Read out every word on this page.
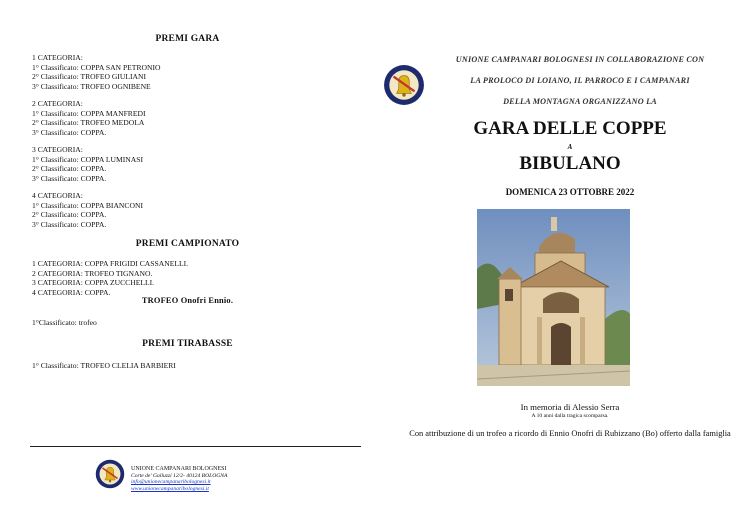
PREMI GARA
1 CATEGORIA:
1° Classificato: COPPA SAN PETRONIO
2° Classificato: TROFEO GIULIANI
3° Classificato: TROFEO OGNIBENE
2 CATEGORIA:
1° Classificato: COPPA MANFREDI
2° Classificato: TROFEO MEDOLA
3° Classificato: COPPA.
3 CATEGORIA:
1° Classificato: COPPA LUMINASI
2° Classificato: COPPA.
3° Classificato: COPPA.
4 CATEGORIA:
1° Classificato: COPPA BIANCONI
2° Classificato: COPPA.
3° Classificato: COPPA.
PREMI CAMPIONATO
1 CATEGORIA: COPPA FRIGIDI CASSANELLI.
2 CATEGORIA: TROFEO TIGNANO.
3 CATEGORIA: COPPA ZUCCHELLI.
4 CATEGORIA: COPPA.
TROFEO Onofri Ennio.
1°Classificato: trofeo
PREMI TIRABASSE
1° Classificato: TROFEO CLELIA BARBIERI
UNIONE CAMPANARI BOLOGNESI
Corte de' Galluzzi 12/2- 40124 BOLOGNA
info@unionecampanaribolognesi.it
www.unionecampanaribolognesi.it
UNIONE CAMPANARI BOLOGNESI IN COLLABORAZIONE CON
LA PROLOCO DI LOIANO, IL PARROCO E I CAMPANARI
DELLA MONTAGNA ORGANIZZANO LA
GARA DELLE COPPE
A
BIBULANO
DOMENICA 23 OTTOBRE 2022
In memoria di Alessio Serra
A 10 anni dalla tragica scomparsa.
Con attribuzione di un trofeo a ricordo di Ennio Onofri di Rubizzano (Bo) offerto dalla famiglia
